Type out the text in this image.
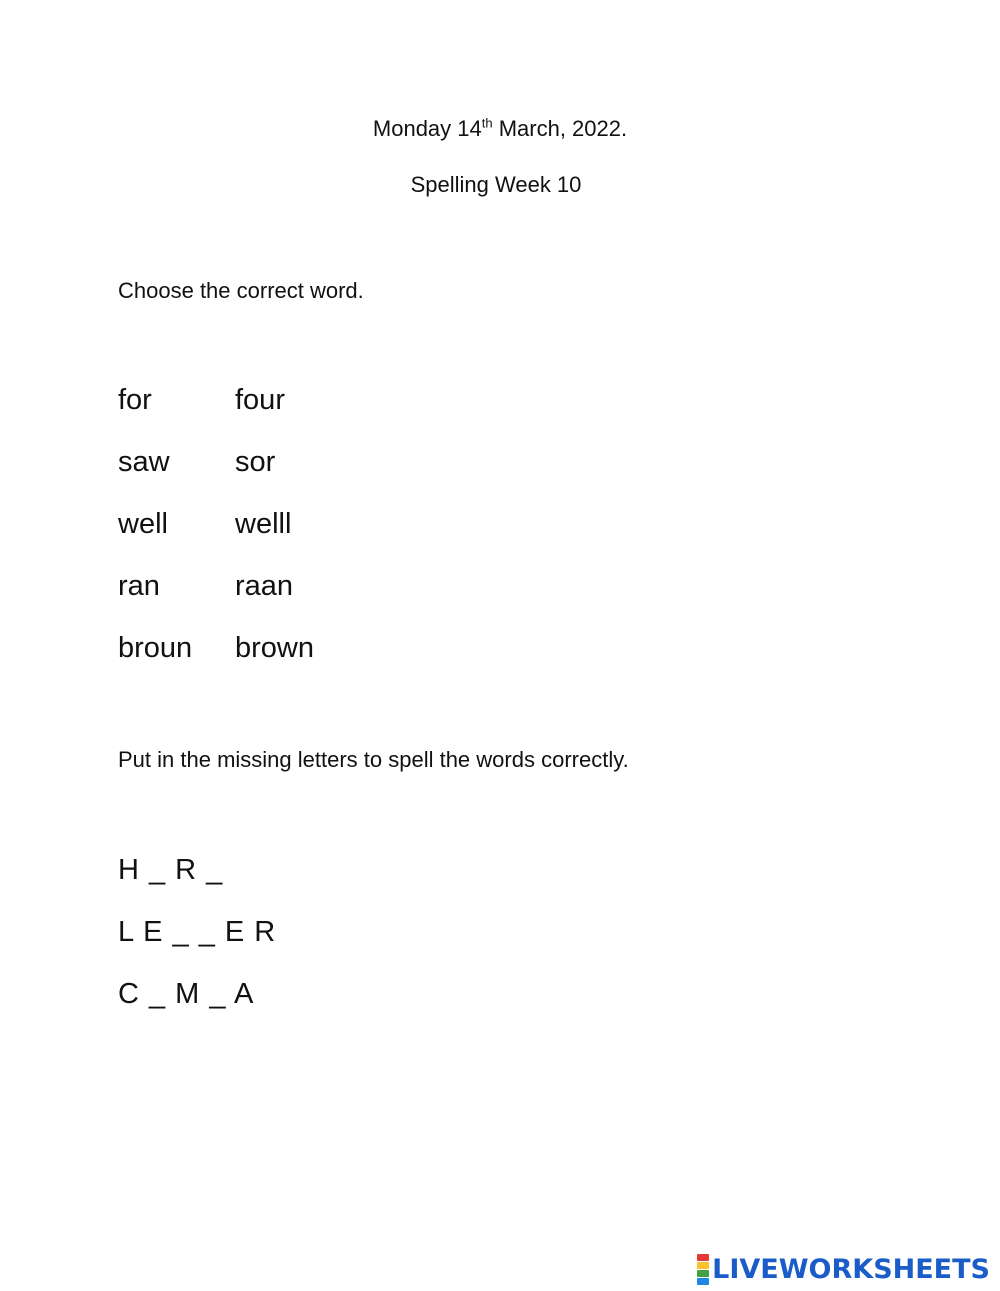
Monday 14th March, 2022.
Spelling Week 10
Choose the correct word.
for	four
saw sor
well welll
ran	raan
broun brown
Put in the missing letters to spell the words correctly.
H _ R _
L E _ _ E R
C _ M _ A
LIVEWORKSHEETS
